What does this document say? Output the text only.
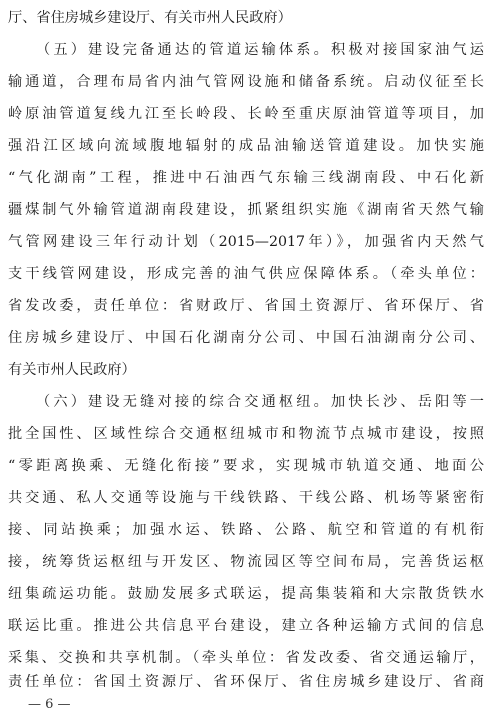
厅、省住房城乡建设厅、有关市州人民政府）
（五）建设完备通达的管道运输体系。积极对接国家油气运
输通道，合理布局省内油气管网设施和储备系统。启动仪征至长
岭原油管道复线九江至长岭段、长岭至重庆原油管道等项目，加
强沿江区域向流域腹地辐射的成品油输送管道建设。加快实施
“气化湖南”工程，推进中石油西气东输三线湖南段、中石化新
疆煤制气外输管道湖南段建设，抓紧组织实施《湖南省天然气输
气管网建设三年行动计划（2015—2017年）》，加强省内天然气
支干线管网建设，形成完善的油气供应保障体系。（牵头单位：
省发改委，责任单位：省财政厅、省国土资源厅、省环保厅、省
住房城乡建设厅、中国石化湖南分公司、中国石油湖南分公司、
有关市州人民政府）
（六）建设无缝对接的综合交通枢纽。加快长沙、岳阳等一
批全国性、区域性综合交通枢纽城市和物流节点城市建设，按照
“零距离换乘、无缝化衔接”要求，实现城市轨道交通、地面公
共交通、私人交通等设施与干线铁路、干线公路、机场等紧密衔
接、同站换乘；加强水运、铁路、公路、航空和管道的有机衔
接，统筹货运枢纽与开发区、物流园区等空间布局，完善货运枢
纽集疏运功能。鼓励发展多式联运，提高集装箱和大宗散货铁水
联运比重。推进公共信息平台建设，建立各种运输方式间的信息
采集、交换和共享机制。（牵头单位：省发改委、省交通运输厅，
责任单位：省国土资源厅、省环保厅、省住房城乡建设厅、省商
— 6 —
